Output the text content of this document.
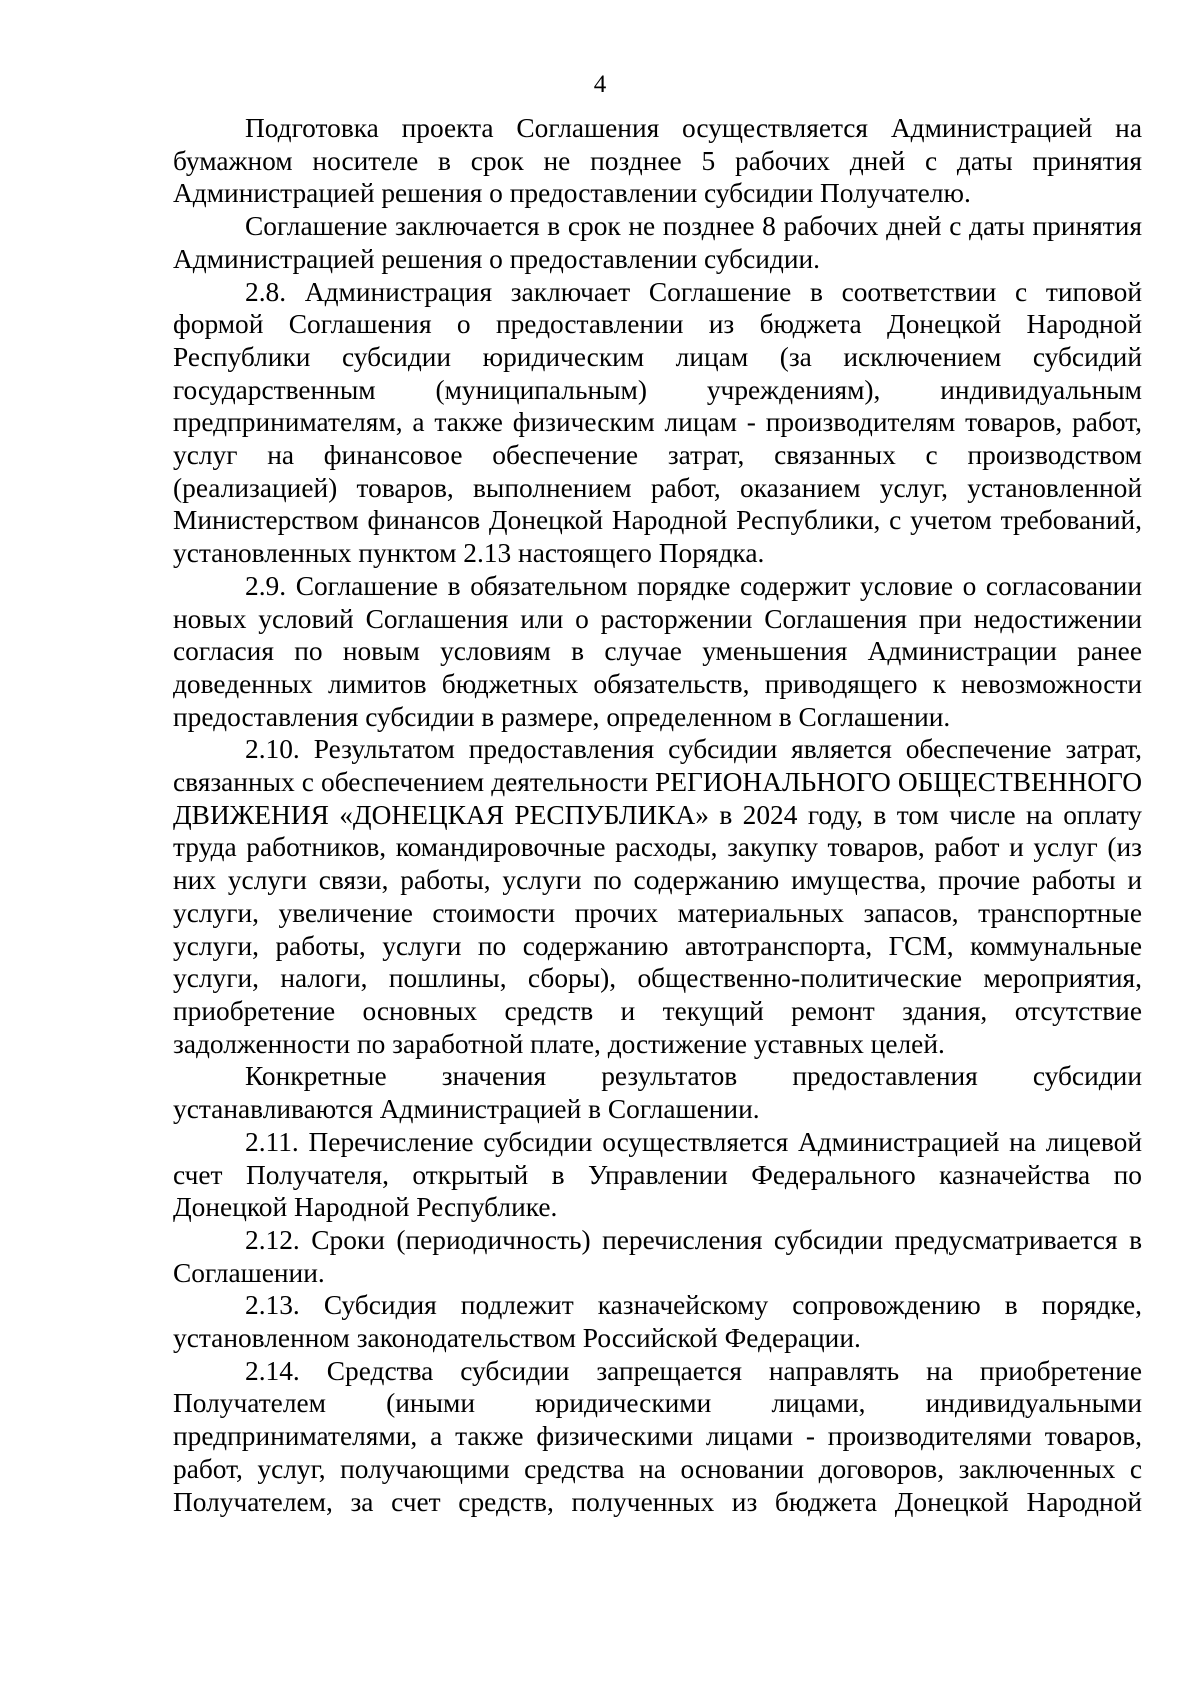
4

Подготовка проекта Соглашения осуществляется Администрацией на бумажном носителе в срок не позднее 5 рабочих дней с даты принятия Администрацией решения о предоставлении субсидии Получателю.

Соглашение заключается в срок не позднее 8 рабочих дней с даты принятия Администрацией решения о предоставлении субсидии.

2.8. Администрация заключает Соглашение в соответствии с типовой формой Соглашения о предоставлении из бюджета Донецкой Народной Республики субсидии юридическим лицам (за исключением субсидий государственным (муниципальным) учреждениям), индивидуальным предпринимателям, а также физическим лицам - производителям товаров, работ, услуг на финансовое обеспечение затрат, связанных с производством (реализацией) товаров, выполнением работ, оказанием услуг, установленной Министерством финансов Донецкой Народной Республики, с учетом требований, установленных пунктом 2.13 настоящего Порядка.

2.9. Соглашение в обязательном порядке содержит условие о согласовании новых условий Соглашения или о расторжении Соглашения при недостижении согласия по новым условиям в случае уменьшения Администрации ранее доведенных лимитов бюджетных обязательств, приводящего к невозможности предоставления субсидии в размере, определенном в Соглашении.

2.10. Результатом предоставления субсидии является обеспечение затрат, связанных с обеспечением деятельности РЕГИОНАЛЬНОГО ОБЩЕСТВЕННОГО ДВИЖЕНИЯ «ДОНЕЦКАЯ РЕСПУБЛИКА» в 2024 году, в том числе на оплату труда работников, командировочные расходы, закупку товаров, работ и услуг (из них услуги связи, работы, услуги по содержанию имущества, прочие работы и услуги, увеличение стоимости прочих материальных запасов, транспортные услуги, работы, услуги по содержанию автотранспорта, ГСМ, коммунальные услуги, налоги, пошлины, сборы), общественно-политические мероприятия, приобретение основных средств и текущий ремонт здания, отсутствие задолженности по заработной плате, достижение уставных целей.

Конкретные значения результатов предоставления субсидии устанавливаются Администрацией в Соглашении.

2.11. Перечисление субсидии осуществляется Администрацией на лицевой счет Получателя, открытый в Управлении Федерального казначейства по Донецкой Народной Республике.

2.12. Сроки (периодичность) перечисления субсидии предусматривается в Соглашении.

2.13. Субсидия подлежит казначейскому сопровождению в порядке, установленном законодательством Российской Федерации.

2.14. Средства субсидии запрещается направлять на приобретение Получателем (иными юридическими лицами, индивидуальными предпринимателями, а также физическими лицами - производителями товаров, работ, услуг, получающими средства на основании договоров, заключенных с Получателем, за счет средств, полученных из бюджета Донецкой Народной
